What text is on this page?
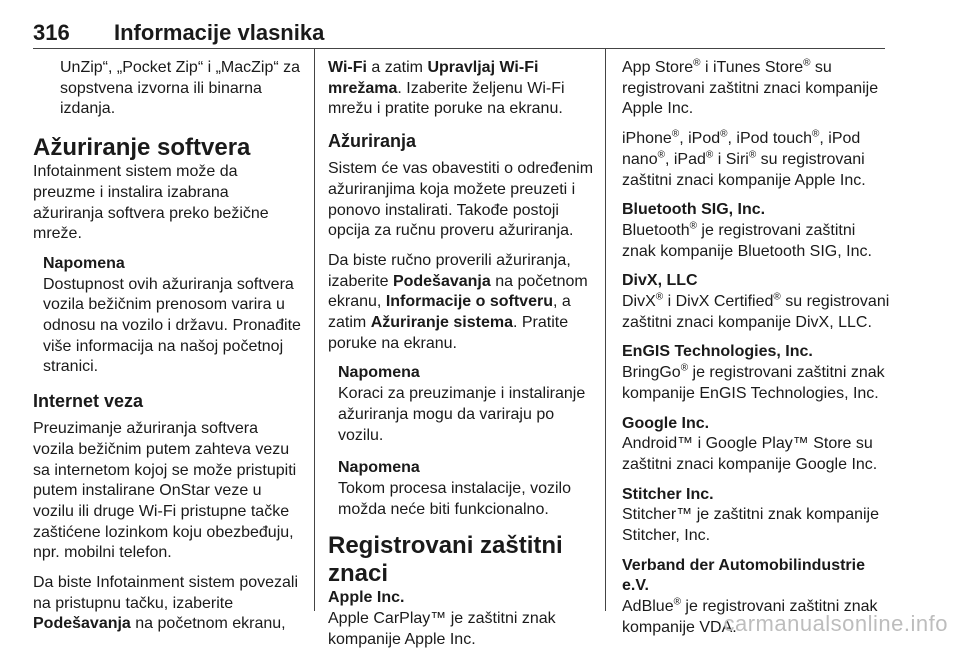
316 Informacije vlasnika

UnZip“, „Pocket Zip“ i „MacZip“ za sopstvena izvorna ili binarna izdanja.

Ažuriranje softvera

Infotainment sistem može da preuzme i instalira izabrana ažuriranja softvera preko bežične mreže.

Napomena
Dostupnost ovih ažuriranja softvera vozila bežičnim prenosom varira u odnosu na vozilo i državu. Pronađite više informacija na našoj početnoj stranici.
Internet veza

Preuzimanje ažuriranja softvera vozila bežičnim putem zahteva vezu sa internetom kojoj se može pristupiti putem instalirane OnStar veze u vozilu ili druge Wi-Fi pristupne tačke zaštićene lozinkom koju obezbeđuju, npr. mobilni telefon.

Da biste Infotainment sistem povezali na pristupnu tačku, izaberite Podešavanja na početnom ekranu,

Wi-Fi a zatim Upravljaj Wi-Fi mrežama. Izaberite željenu Wi-Fi mrežu i pratite poruke na ekranu.

Ažuriranja

Sistem će vas obavestiti o određenim ažuriranjima koja možete preuzeti i ponovo instalirati. Takođe postoji opcija za ručnu proveru ažuriranja.

Da biste ručno proverili ažuriranja, izaberite Podešavanja na početnom ekranu, Informacije o softveru, a zatim Ažuriranje sistema. Pratite poruke na ekranu.

Napomena
Koraci za preuzimanje i instaliranje ažuriranja mogu da variraju po vozilu.
Napomena
Tokom procesa instalacije, vozilo možda neće biti funkcionalno.
Registrovani zaštitni znaci
Apple Inc.

Apple CarPlay™ je zaštitni znak kompanije Apple Inc.

App Store® i iTunes Store® su registrovani zaštitni znaci kompanije Apple Inc.

iPhone®, iPod®, iPod touch®, iPod nano®, iPad® i Siri® su registrovani zaštitni znaci kompanije Apple Inc.

Bluetooth SIG, Inc.

Bluetooth® je registrovani zaštitni znak kompanije Bluetooth SIG, Inc.

DivX, LLC

DivX® i DivX Certified® su registrovani zaštitni znaci kompanije DivX, LLC.

EnGIS Technologies, Inc.

BringGo® je registrovani zaštitni znak kompanije EnGIS Technologies, Inc.

Google Inc.

Android™ i Google Play™ Store su zaštitni znaci kompanije Google Inc.

Stitcher Inc.

Stitcher™ je zaštitni znak kompanije Stitcher, Inc.

Verband der Automobilindustrie e.V.

AdBlue® je registrovani zaštitni znak kompanije VDA.

carmanualsonline.info
